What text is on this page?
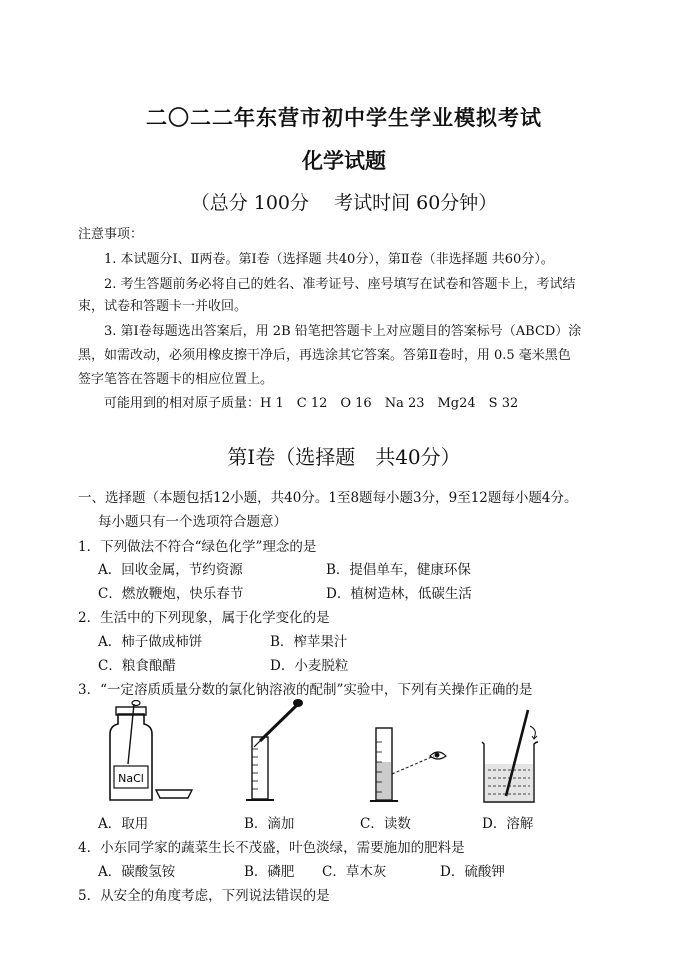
二〇二二年东营市初中学生学业模拟考试
化学试题
（总分 100分　 考试时间 60分钟）
注意事项：
1. 本试题分Ⅰ、Ⅱ两卷。第Ⅰ卷（选择题 共40分），第Ⅱ卷（非选择题 共60分）。
2. 考生答题前务必将自己的姓名、准考证号、座号填写在试卷和答题卡上，考试结
束，试卷和答题卡一并收回。
3. 第Ⅰ卷每题选出答案后，用 2B 铅笔把答题卡上对应题目的答案标号（ABCD）涂
黑，如需改动，必须用橡皮擦干净后，再选涂其它答案。答第Ⅱ卷时，用 0.5 毫米黑色
签字笔答在答题卡的相应位置上。
可能用到的相对原子质量：H 1　C 12　O 16　Na 23　Mg24　S 32
第Ⅰ卷（选择题　共40分）
一、选择题（本题包括12小题，共40分。1至8题每小题3分，9至12题每小题4分。
每小题只有一个选项符合题意）
1．下列做法不符合“绿色化学”理念的是
A．回收金属，节约资源	B．提倡单车，健康环保
C．燃放鞭炮，快乐春节	D．植树造林，低碳生活
2．生活中的下列现象，属于化学变化的是
A．柿子做成柿饼	B．榨苹果汁
C．粮食酿醋	D．小麦脱粒
3．“一定溶质质量分数的氯化钠溶液的配制”实验中，下列有关操作正确的是
NaCl
A．取用	B．滴加	C．读数	D．溶解
4．小东同学家的蔬菜生长不茂盛，叶色淡绿，需要施加的肥料是
A．碳酸氢铵	B．磷肥 C．草木灰	D．硫酸钾
5．从安全的角度考虑，下列说法错误的是
